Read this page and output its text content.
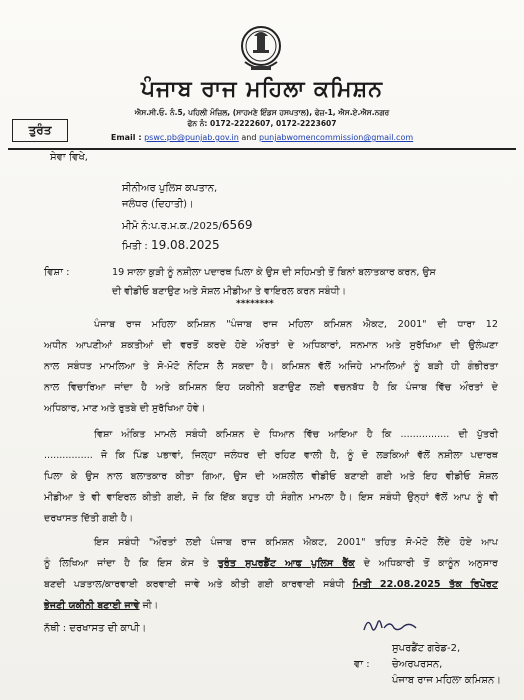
ਪੰਜਾਬ ਰਾਜ ਮਹਿਲਾ ਕਮਿਸ਼ਨ
ਐਸ.ਸੀ.ਓ. ਨੰ.5, ਪਹਿਲੀ ਮੰਜ਼ਿਲ, (ਸਾਹਮਣੇ ਇੰਡਸ ਹਸਪਤਾਲ), ਫੇਜ਼-1, ਐਸ.ਏ.ਐਸ.ਨਗਰ
ਫੋਨ ਨੰ: 0172-2222607, 0172-2223607
Email : pswc.pb@punjab.gov.in and punjabwomencommission@gmail.com
ਤੁਰੰਤ
ਸੇਵਾ ਵਿਖੇ,
ਸੀਨੀਅਰ ਪੁਲਿਸ ਕਪਤਾਨ,
ਜਲੰਧਰ (ਦਿਹਾਤੀ)।
ਮੀਮੋ ਨੰ:ਪ.ਰ.ਮ.ਕ./2025/6569
ਮਿਤੀ : 19.08.2025
ਵਿਸ਼ਾ :	19 ਸਾਲਾ ਕੁੜੀ ਨੂੰ ਨਸ਼ੀਲਾ ਪਦਾਰਥ ਪਿਲਾ ਕੇ ਉਸ ਦੀ ਸਹਿਮਤੀ ਤੋਂ ਬਿਨਾਂ ਬਲਾਤਕਾਰ ਕਰਨ, ਉਸ
ਦੀ ਵੀਡੀਓ ਬਣਾਉਣ ਅਤੇ ਸੋਸ਼ਲ ਮੀਡੀਆ ਤੇ ਵਾਇਰਲ ਕਰਨ ਸਬੰਧੀ।
********
ਪੰਜਾਬ ਰਾਜ ਮਹਿਲਾ ਕਮਿਸ਼ਨ "ਪੰਜਾਬ ਰਾਜ ਮਹਿਲਾ ਕਮਿਸ਼ਨ ਐਕਟ, 2001" ਦੀ ਧਾਰਾ 12
ਅਧੀਨ ਆਪਣੀਆਂ ਸ਼ਕਤੀਆਂ ਦੀ ਵਰਤੋਂ ਕਰਦੇ ਹੋਏ ਔਰਤਾਂ ਦੇ ਅਧਿਕਾਰਾਂ, ਸਨਮਾਨ ਅਤੇ ਸੁਰੱਖਿਆ ਦੀ ਉਲੰਘਣਾ
ਨਾਲ ਸਬੰਧਤ ਮਾਮਲਿਆ ਤੇ ਸੋ-ਮੋਟੋ ਨੋਟਿਸ ਲੈ ਸਕਦਾ ਹੈ। ਕਮਿਸ਼ਨ ਵੱਲੋਂ ਅਜਿਹੇ ਮਾਮਲਿਆਂ ਨੂੰ ਬੜੀ ਹੀ ਗੰਭੀਰਤਾ
ਨਾਲ ਵਿਚਾਰਿਆ ਜਾਂਦਾ ਹੈ ਅਤੇ ਕਮਿਸ਼ਨ ਇਹ ਯਕੀਨੀ ਬਣਾਉਣ ਲਈ ਵਚਨਬੱਧ ਹੈ ਕਿ ਪੰਜਾਬ ਵਿੱਚ ਔਰਤਾਂ ਦੇ
ਅਧਿਕਾਰ, ਮਾਣ ਅਤੇ ਰੁਤਬੇ ਦੀ ਸੁਰੱਖਿਆ ਹੋਵੇ।
ਵਿਸ਼ਾ ਅੰਕਿਤ ਮਾਮਲੇ ਸਬੰਧੀ ਕਮਿਸ਼ਨ ਦੇ ਧਿਆਨ ਵਿੱਚ ਆਇਆ ਹੈ ਕਿ ................ ਦੀ ਪੁੱਤਰੀ
................ ਜੋ ਕਿ ਪਿੰਡ ਪਭਾਵਾਂ, ਜਿਲ੍ਹਾ ਜਲੰਧਰ ਦੀ ਰਹਿਣ ਵਾਲੀ ਹੈ, ਨੂੰ ਦੋ ਲੜਕਿਆਂ ਵੱਲੋਂ ਨਸ਼ੀਲਾ ਪਦਾਰਥ
ਪਿਲਾ ਕੇ ਉਸ ਨਾਲ ਬਲਾਤਕਾਰ ਕੀਤਾ ਗਿਆ, ਉਸ ਦੀ ਅਸ਼ਲੀਲ ਵੀਡੀਓ ਬਣਾਈ ਗਈ ਅਤੇ ਇਹ ਵੀਡੀਓ ਸੋਸ਼ਲ
ਮੀਡੀਆ ਤੇ ਵੀ ਵਾਇਰਲ ਕੀਤੀ ਗਈ, ਜੋ ਕਿ ਇੱਕ ਬਹੁਤ ਹੀ ਸੰਗੀਨ ਮਾਮਲਾ ਹੈ। ਇਸ ਸਬੰਧੀ ਉਨ੍ਹਾਂ ਵੱਲੋਂ ਆਪ ਨੂੰ ਵੀ
ਦਰਖਾਸਤ ਦਿੱਤੀ ਗਈ ਹੈ।
ਇਸ ਸਬੰਧੀ "ਔਰਤਾਂ ਲਈ ਪੰਜਾਬ ਰਾਜ ਕਮਿਸ਼ਨ ਐਕਟ, 2001" ਤਹਿਤ ਸੋ-ਮੋਟੋ ਲੈਂਦੇ ਹੋਏ ਆਪ
ਨੂੰ ਲਿਖਿਆ ਜਾਂਦਾ ਹੈ ਕਿ ਇਸ ਕੇਸ ਤੇ ਤੁਰੰਤ ਸੁਪਰਡੈਂਟ ਆਫ ਪੁਲਿਸ ਰੈਂਕ ਦੇ ਅਧਿਕਾਰੀ ਤੋਂ ਕਾਨੂੰਨ ਅਨੁਸਾਰ
ਬਣਦੀ ਪੜਤਾਲ/ਕਾਰਵਾਈ ਕਰਵਾਈ ਜਾਵੇ ਅਤੇ ਕੀਤੀ ਗਈ ਕਾਰਵਾਈ ਸਬੰਧੀ ਮਿਤੀ 22.08.2025 ਤੱਕ ਰਿਪੋਰਟ
ਭੇਜਣੀ ਯਕੀਨੀ ਬਣਾਈ ਜਾਵੇ ਜੀ।
ਨੱਥੀ : ਦਰਖਾਸਤ ਦੀ ਕਾਪੀ।
ਸੁਪਰਡੈਂਟ ਗਰੇਡ-2,
ਵਾ : ਚੇਅਰਪਰਸਨ,
ਪੰਜਾਬ ਰਾਜ ਮਹਿਲਾ ਕਮਿਸ਼ਨ।
